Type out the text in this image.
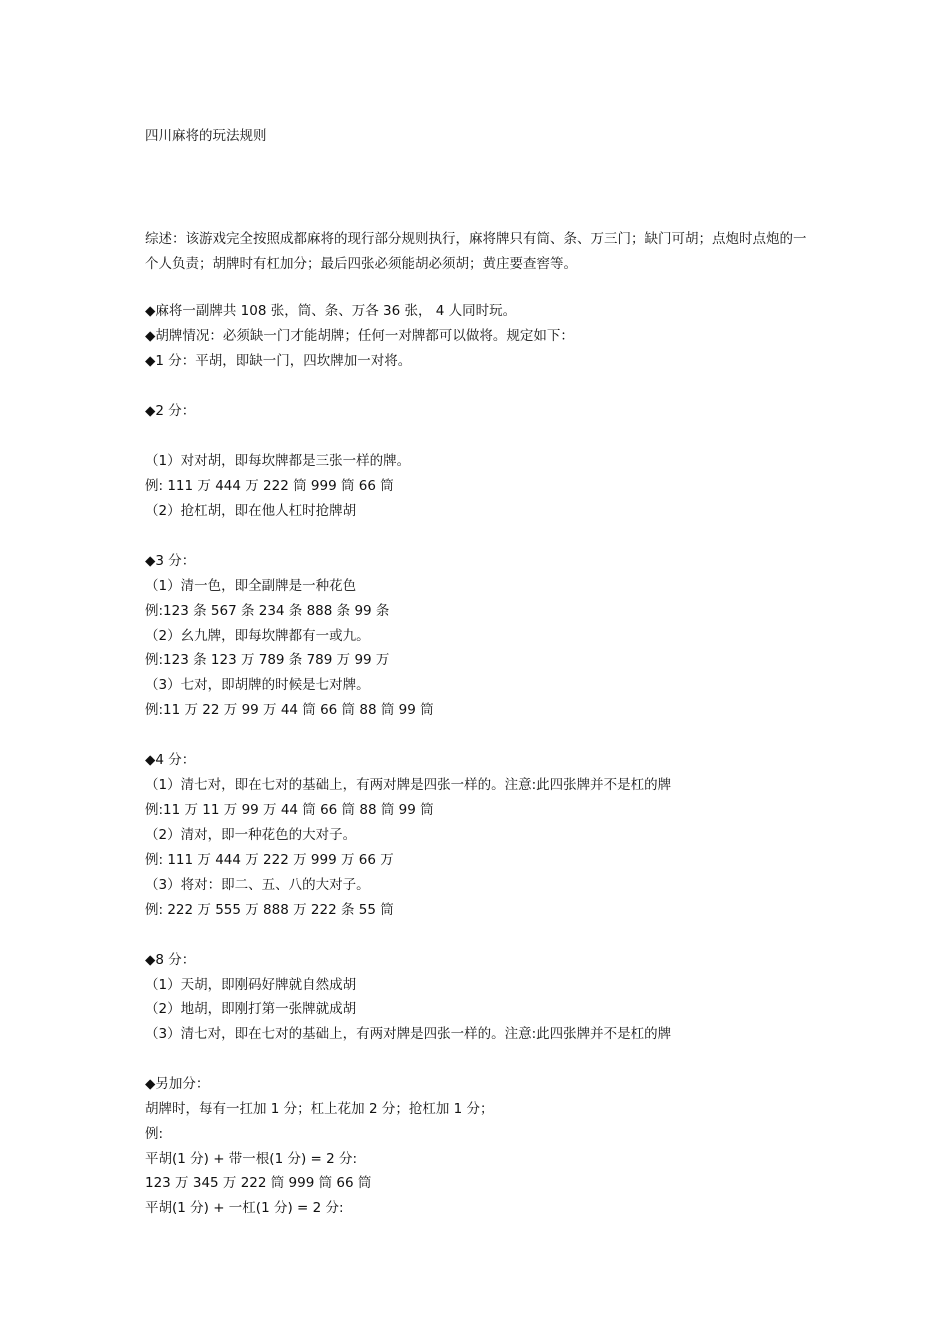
四川麻将的玩法规则
综述：该游戏完全按照成都麻将的现行部分规则执行，麻将牌只有筒、条、万三门；缺门可胡；点炮时点炮的一个人负责；胡牌时有杠加分；最后四张必须能胡必须胡；黄庄要查窖等。
◆麻将一副牌共 108 张，筒、条、万各 36 张， 4 人同时玩。
◆胡牌情况：必须缺一门才能胡牌；任何一对牌都可以做将。规定如下：
◆1 分：平胡，即缺一门，四坎牌加一对将。
◆2 分：
（1）对对胡，即每坎牌都是三张一样的牌。
例: 111 万 444 万 222 筒 999 筒 66 筒
（2）抢杠胡，即在他人杠时抢牌胡
◆3 分：
（1）清一色，即全副牌是一种花色
例:123 条 567 条 234 条 888 条 99 条
（2）幺九牌，即每坎牌都有一或九。
例:123 条 123 万 789 条 789 万 99 万
（3）七对，即胡牌的时候是七对牌。
例:11 万 22 万 99 万 44 筒 66 筒 88 筒 99 筒
◆4 分：
（1）清七对，即在七对的基础上，有两对牌是四张一样的。注意:此四张牌并不是杠的牌
例:11 万 11 万 99 万 44 筒 66 筒 88 筒 99 筒
（2）清对，即一种花色的大对子。
例: 111 万 444 万 222 万 999 万 66 万
（3）将对：即二、五、八的大对子。
例: 222 万 555 万 888 万 222 条 55 筒
◆8 分：
（1）天胡，即刚码好牌就自然成胡
（2）地胡，即刚打第一张牌就成胡
（3）清七对，即在七对的基础上，有两对牌是四张一样的。注意:此四张牌并不是杠的牌
◆另加分：
胡牌时，每有一扛加 1 分；杠上花加 2 分；抢杠加 1 分；
例:
平胡(1 分) + 带一根(1 分) = 2 分:
123 万 345 万 222 筒 999 筒 66 筒
平胡(1 分) + 一杠(1 分) = 2 分:
